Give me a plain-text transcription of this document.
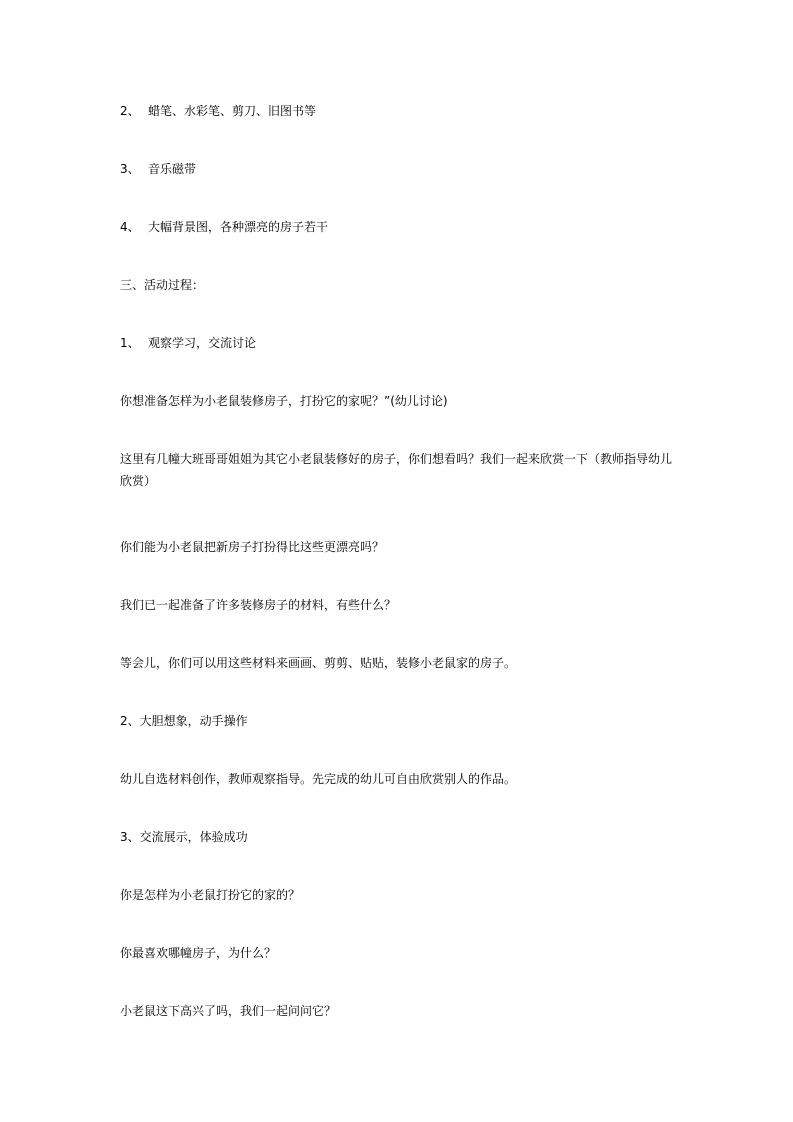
2、 蜡笔、水彩笔、剪刀、旧图书等
3、 音乐磁带
4、 大幅背景图，各种漂亮的房子若干
三、活动过程：
1、 观察学习，交流讨论
你想准备怎样为小老鼠装修房子，打扮它的家呢？”(幼儿讨论)
这里有几幢大班哥哥姐姐为其它小老鼠装修好的房子，你们想看吗？我们一起来欣赏一下（教师指导幼儿欣赏）
你们能为小老鼠把新房子打扮得比这些更漂亮吗？
我们已一起准备了许多装修房子的材料，有些什么？
等会儿，你们可以用这些材料来画画、剪剪、贴贴，装修小老鼠家的房子。
2、大胆想象，动手操作
幼儿自选材料创作，教师观察指导。先完成的幼儿可自由欣赏别人的作品。
3、交流展示，体验成功
你是怎样为小老鼠打扮它的家的？
你最喜欢哪幢房子，为什么？
小老鼠这下高兴了吗，我们一起问问它？
